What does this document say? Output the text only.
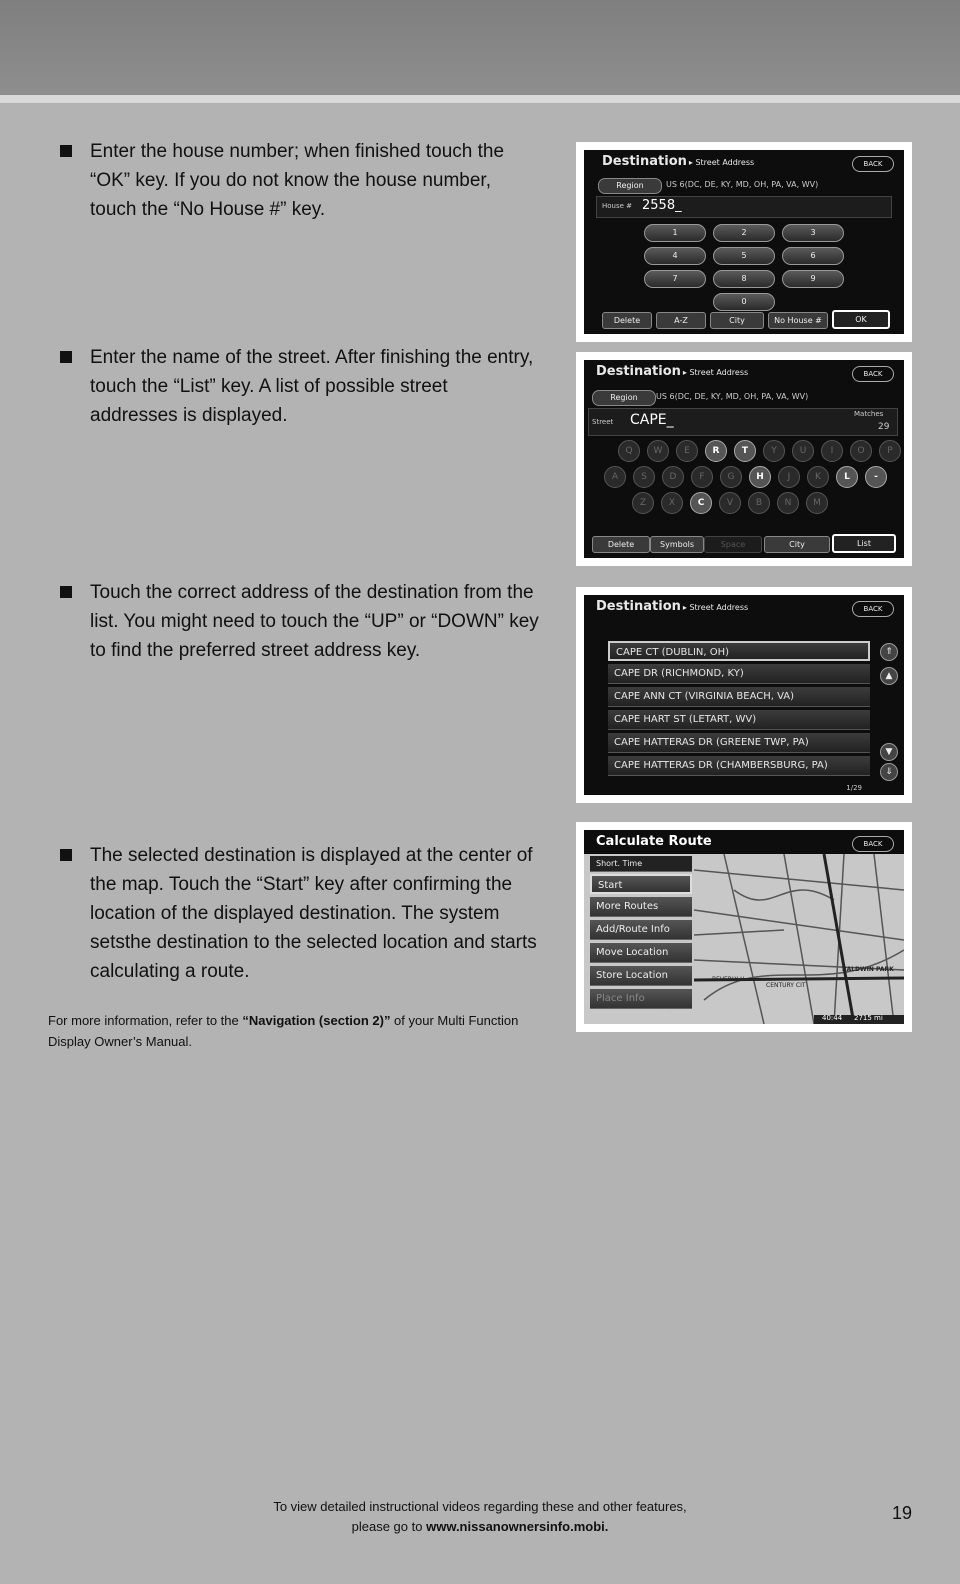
Enter the house number; when finished touch the “OK” key. If you do not know the house number, touch the “No House #” key.

Enter the name of the street. After finishing the entry, touch the “List” key. A list of possible street addresses is displayed.

Touch the correct address of the destination from the list. You might need to touch the “UP” or “DOWN” key to find the preferred street address key.

The selected destination is displayed at the center of the map. Touch the “Start” key after confirming the location of the displayed destination. The system setsthe destination to the selected location and starts calculating a route.

Destination ▸ Street Address	BACK
Region	US 6(DC, DE, KY, MD, OH, PA, VA, WV)
House # 2558_
1	2	3
4	5	6
7	8	9
0
Delete	A-Z	City	No House #	OK
Destination ▸ Street Address	BACK
Region	US 6(DC, DE, KY, MD, OH, PA, VA, WV)
Street CAPE_	Matches
29
Q	W	E	R	T	Y	U	I	O	P
A	S	D	F	G	H	J	K	L	-
Z	X	C	V	B	N	M
Delete	Symbols	Space	City	List
Destination ▸ Street Address	BACK
CAPE CT (DUBLIN, OH)
CAPE DR (RICHMOND, KY)
CAPE ANN CT (VIRGINIA BEACH, VA)
CAPE HART ST (LETART, WV)
CAPE HATTERAS DR (GREENE TWP, PA)
CAPE HATTERAS DR (CHAMBERSBURG, PA)
⇑
▲
▼
⇓
1/29
Calculate Route	BACK
Short. Time
Start
More Routes
Add/Route Info
Move Location
Store Location
Place Info
1/6	40:44 2715 mi
BEVERLY H.
CENTURY CIT
BALDWIN PARK
For more information, refer to the “Navigation (section 2)” of your Multi Function Display Owner’s Manual.
To view detailed instructional videos regarding these and other features,
please go to www.nissanownersinfo.mobi.
19
